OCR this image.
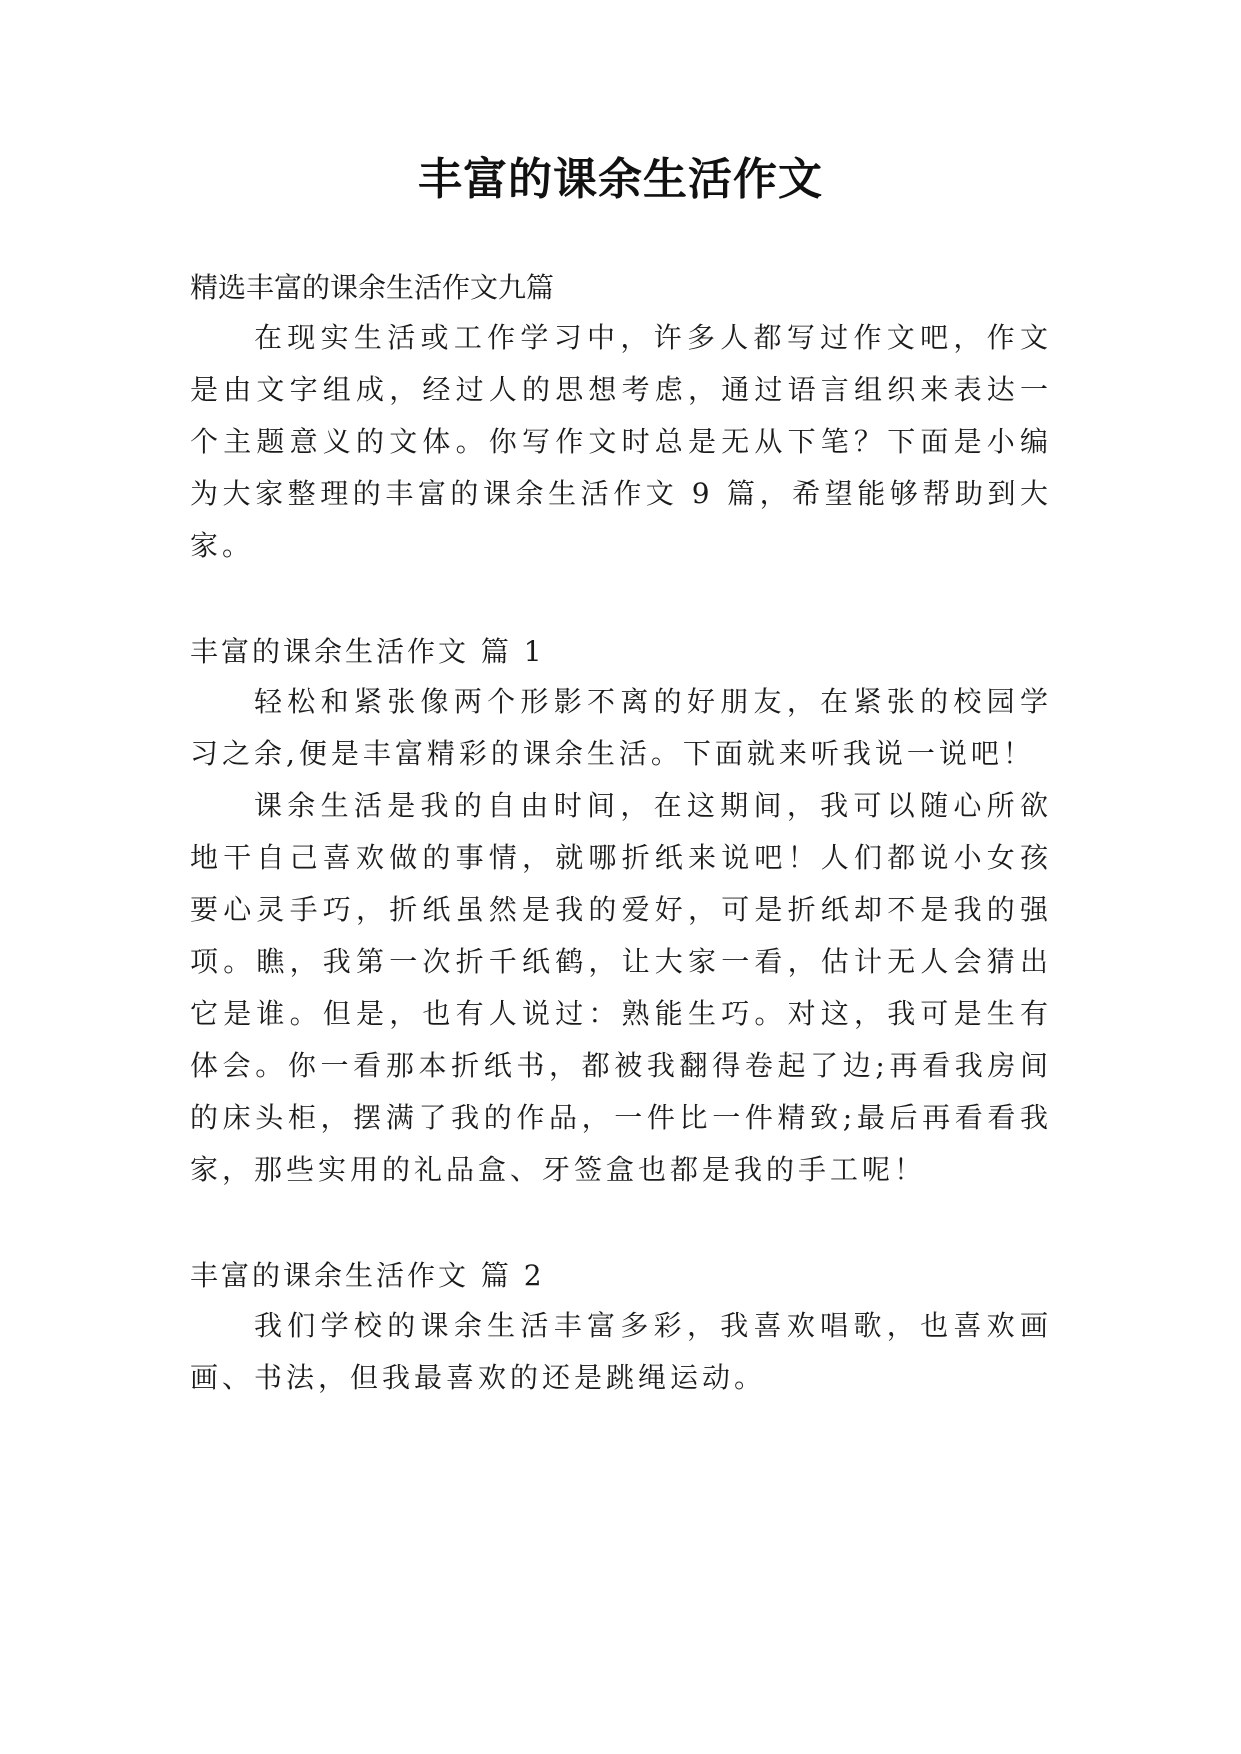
丰富的课余生活作文
精选丰富的课余生活作文九篇
在现实生活或工作学习中，许多人都写过作文吧，作文是由文字组成，经过人的思想考虑，通过语言组织来表达一个主题意义的文体。你写作文时总是无从下笔？下面是小编为大家整理的丰富的课余生活作文 9 篇，希望能够帮助到大家。
丰富的课余生活作文 篇 1
轻松和紧张像两个形影不离的好朋友，在紧张的校园学习之余,便是丰富精彩的课余生活。下面就来听我说一说吧！
课余生活是我的自由时间，在这期间，我可以随心所欲地干自己喜欢做的事情，就哪折纸来说吧！人们都说小女孩要心灵手巧，折纸虽然是我的爱好，可是折纸却不是我的强项。瞧，我第一次折千纸鹤，让大家一看，估计无人会猜出它是谁。但是，也有人说过：熟能生巧。对这，我可是生有体会。你一看那本折纸书，都被我翻得卷起了边;再看我房间的床头柜，摆满了我的作品，一件比一件精致;最后再看看我家，那些实用的礼品盒、牙签盒也都是我的手工呢！
丰富的课余生活作文 篇 2
我们学校的课余生活丰富多彩，我喜欢唱歌，也喜欢画画、书法，但我最喜欢的还是跳绳运动。
